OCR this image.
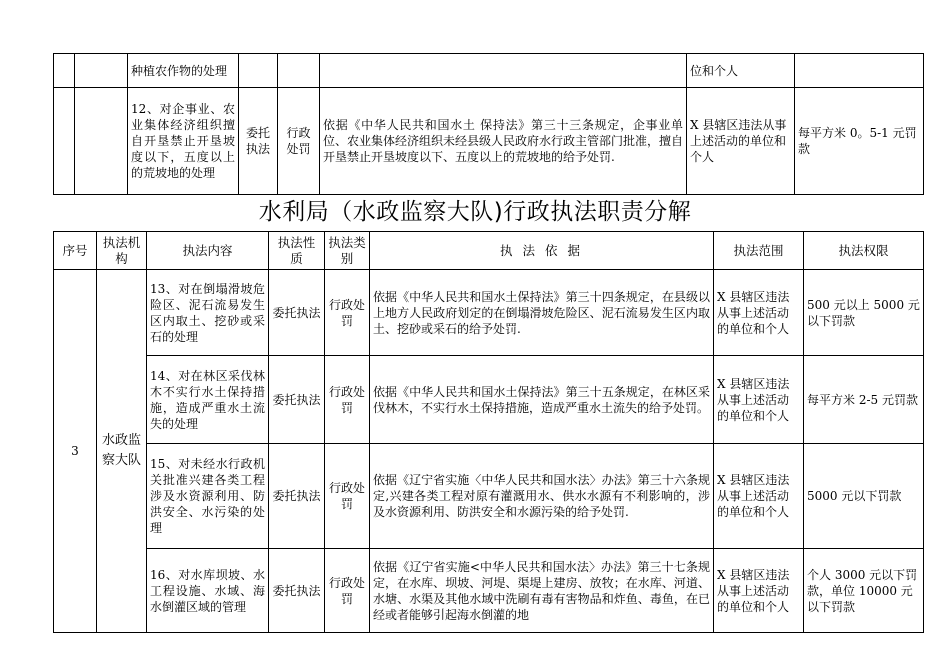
		种植农作物的处理				位和个人	
		12、对企事业、农业集体经济组织擅自开垦禁止开垦坡度以下，五度以上的荒坡地的处理	委托执法	行政处罚	依据《中华人民共和国水土 保持法》第三十三条规定，企事业单位、农业集体经济组织未经县级人民政府水行政主管部门批准，擅自开垦禁止开垦坡度以下、五度以上的荒坡地的给予处罚.	X 县辖区违法从事上述活动的单位和个人	每平方米 0。5-1 元罚款
水利局（水政监察大队)行政执法职责分解
序号	执法机构	执法内容	执法性质	执法类别	执 法 依 据	执法范围	执法权限
3	水政监察大队	13、对在倒塌滑坡危险区、泥石流易发生区内取土、挖砂或采石的处理	委托执法	行政处罚	依据《中华人民共和国水土保持法》第三十四条规定，在县级以上地方人民政府划定的在倒塌滑坡危险区、泥石流易发生区内取土、挖砂或采石的给予处罚.	X 县辖区违法从事上述活动的单位和个人	500 元以上 5000 元以下罚款
		14、对在林区采伐林木不实行水土保持措施，造成严重水土流失的处理	委托执法	行政处罚	依据《中华人民共和国水土保持法》第三十五条规定，在林区采伐林木，不实行水土保持措施，造成严重水土流失的给予处罚。	X 县辖区违法从事上述活动的单位和个人	每平方米 2-5 元罚款
		15、对未经水行政机关批准兴建各类工程涉及水资源利用、防洪安全、水污染的处理	委托执法	行政处罚	依据《辽宁省实施〈中华人民共和国水法〉办法》第三十六条规定,兴建各类工程对原有灌溉用水、供水水源有不利影响的，涉及水资源利用、防洪安全和水源污染的给予处罚.	X 县辖区违法从事上述活动的单位和个人	5000 元以下罚款
		16、对水库坝坡、水工程设施、水域、海水倒灌区域的管理	委托执法	行政处罚	依据《辽宁省实施<中华人民共和国水法〉办法》第三十七条规定，在水库、坝坡、河堤、渠堤上建房、放牧；在水库、河道、水塘、水渠及其他水域中洗刷有毒有害物品和炸鱼、毒鱼，在已经或者能够引起海水倒灌的地	X 县辖区违法从事上述活动的单位和个人	个人 3000 元以下罚款，单位 10000 元以下罚款
